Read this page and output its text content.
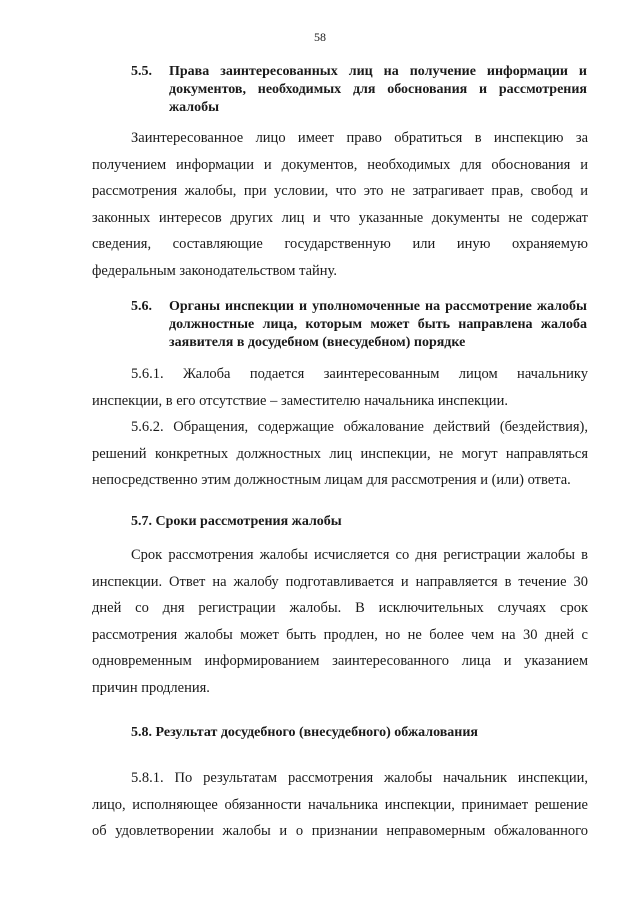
58
5.5. Права заинтересованных лиц на получение информации и документов, необходимых для обоснования и рассмотрения жалобы
Заинтересованное лицо имеет право обратиться в инспекцию за
получением информации и документов, необходимых для обоснования и
рассмотрения жалобы, при условии, что это не затрагивает прав, свобод и
законных интересов других лиц и что указанные документы не содержат
сведения, составляющие государственную или иную охраняемую
федеральным законодательством тайну.
5.6. Органы инспекции и уполномоченные на рассмотрение жалобы должностные лица, которым может быть направлена жалоба заявителя в досудебном (внесудебном) порядке
5.6.1. Жалоба подается заинтересованным лицом начальнику
инспекции, в его отсутствие – заместителю начальника инспекции.
5.6.2. Обращения, содержащие обжалование действий (бездействия),
решений конкретных должностных лиц инспекции, не могут направляться
непосредственно этим должностным лицам для рассмотрения и (или) ответа.
5.7. Сроки рассмотрения жалобы
Срок рассмотрения жалобы исчисляется со дня регистрации жалобы в
инспекции. Ответ на жалобу подготавливается и направляется в течение 30
дней со дня регистрации жалобы. В исключительных случаях срок
рассмотрения жалобы может быть продлен, но не более чем на 30 дней с
одновременным информированием заинтересованного лица и указанием
причин продления.
5.8. Результат досудебного (внесудебного) обжалования
5.8.1. По результатам рассмотрения жалобы начальник инспекции,
лицо, исполняющее обязанности начальника инспекции, принимает решение
об удовлетворении жалобы и о признании неправомерным обжалованного
